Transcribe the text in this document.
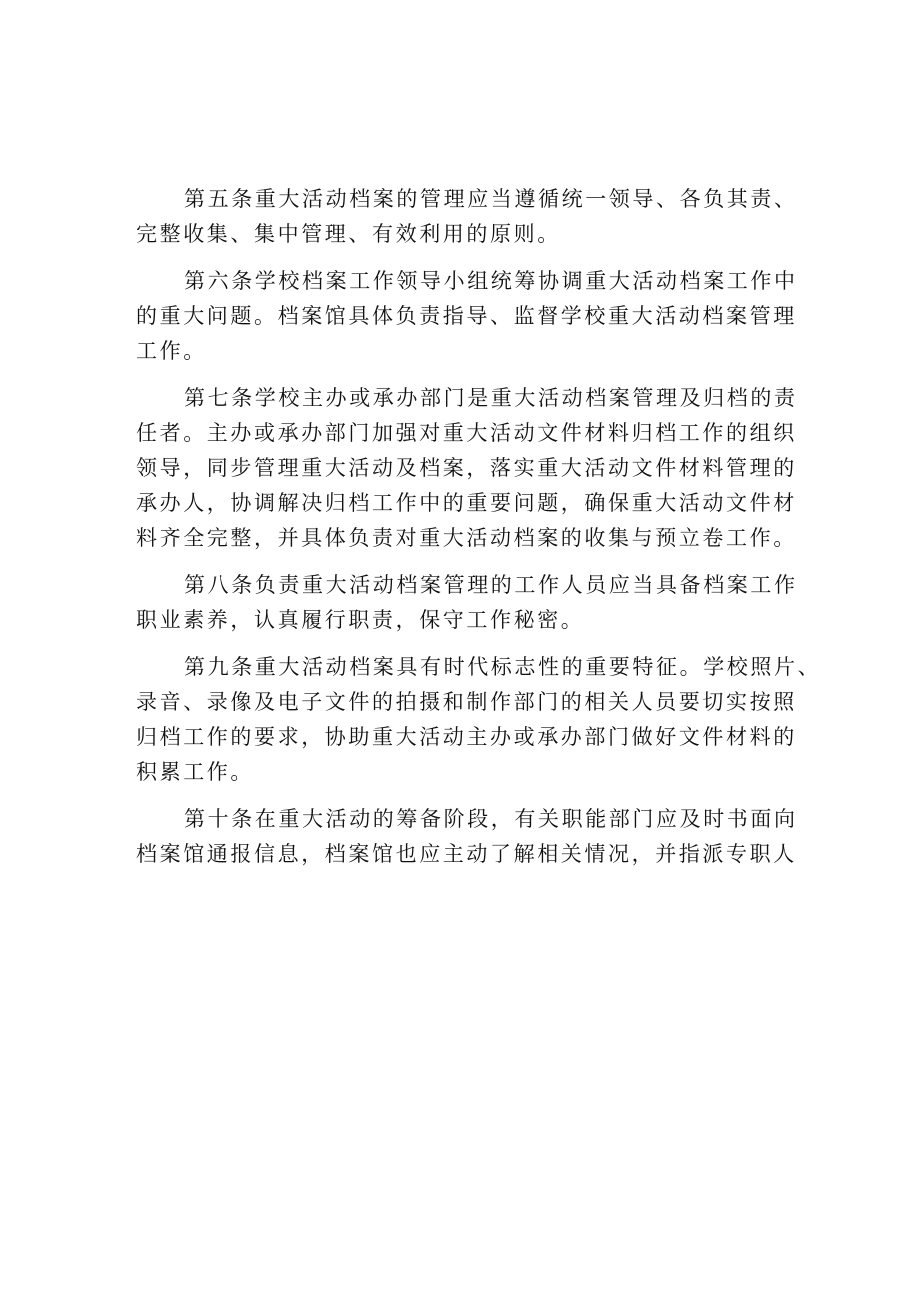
第五条重大活动档案的管理应当遵循统一领导、各负其责、
完整收集、集中管理、有效利用的原则。
第六条学校档案工作领导小组统筹协调重大活动档案工作中
的重大问题。档案馆具体负责指导、监督学校重大活动档案管理
工作。
第七条学校主办或承办部门是重大活动档案管理及归档的责
任者。主办或承办部门加强对重大活动文件材料归档工作的组织
领导，同步管理重大活动及档案，落实重大活动文件材料管理的
承办人，协调解决归档工作中的重要问题，确保重大活动文件材
料齐全完整，并具体负责对重大活动档案的收集与预立卷工作。
第八条负责重大活动档案管理的工作人员应当具备档案工作
职业素养，认真履行职责，保守工作秘密。
第九条重大活动档案具有时代标志性的重要特征。学校照片、
录音、录像及电子文件的拍摄和制作部门的相关人员要切实按照
归档工作的要求，协助重大活动主办或承办部门做好文件材料的
积累工作。
第十条在重大活动的筹备阶段，有关职能部门应及时书面向
档案馆通报信息，档案馆也应主动了解相关情况，并指派专职人
